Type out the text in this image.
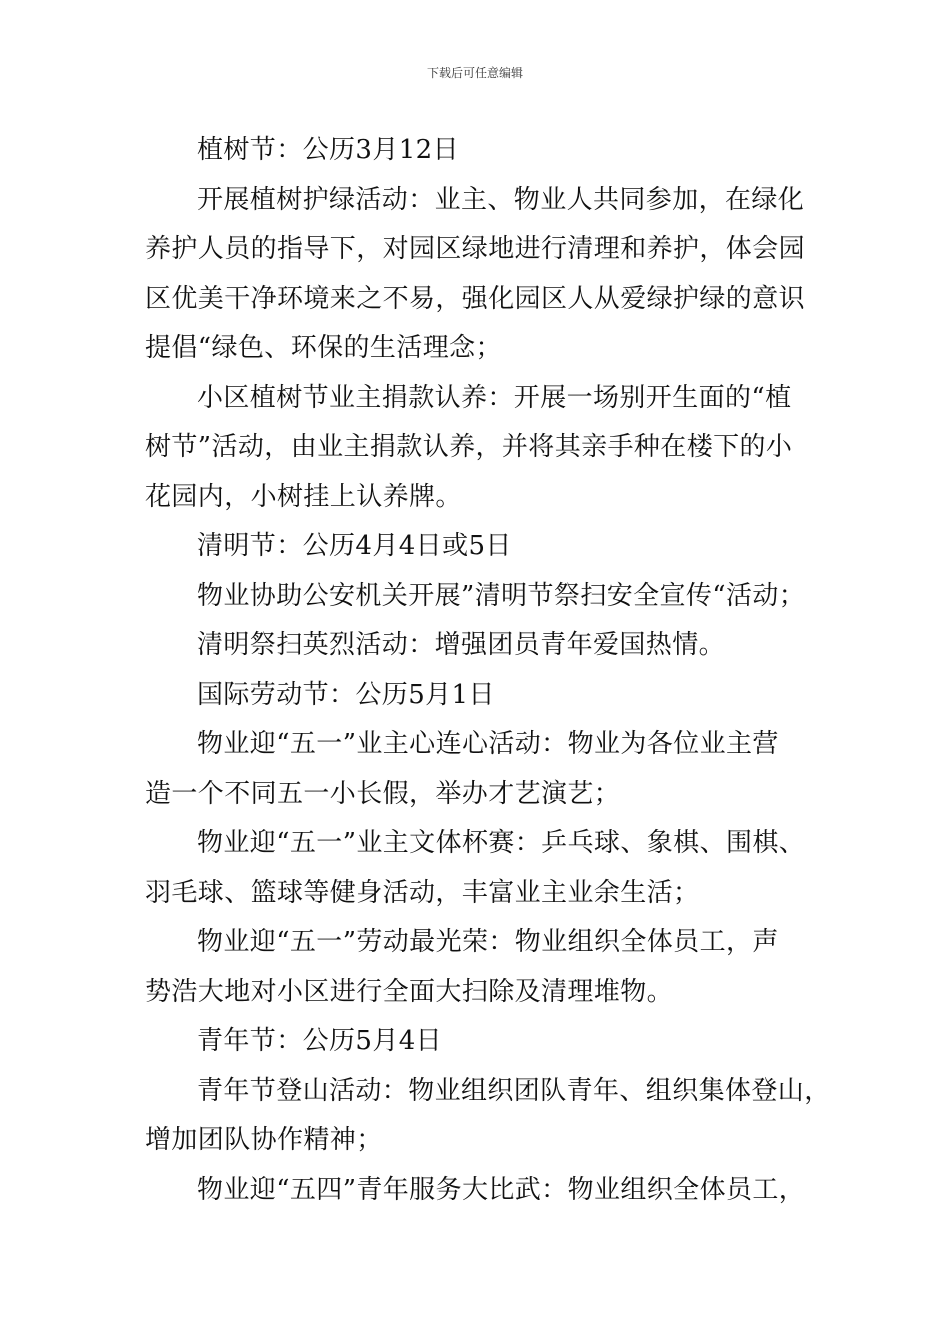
下载后可任意编辑

植树节：公历3月12日

开展植树护绿活动：业主、物业人共同参加，在绿化

养护人员的指导下，对园区绿地进行清理和养护，体会园

区优美干净环境来之不易，强化园区人从爱绿护绿的意识

提倡“绿色、环保的生活理念；

小区植树节业主捐款认养：开展一场别开生面的“植

树节”活动，由业主捐款认养，并将其亲手种在楼下的小

花园内，小树挂上认养牌。

清明节：公历4月4日或5日

物业协助公安机关开展”清明节祭扫安全宣传“活动；

清明祭扫英烈活动：增强团员青年爱国热情。

国际劳动节：公历5月1日

物业迎“五一”业主心连心活动：物业为各位业主营

造一个不同五一小长假，举办才艺演艺；

物业迎“五一”业主文体杯赛：乒乓球、象棋、围棋、

羽毛球、篮球等健身活动，丰富业主业余生活；

物业迎“五一”劳动最光荣：物业组织全体员工，声

势浩大地对小区进行全面大扫除及清理堆物。

青年节：公历5月4日

青年节登山活动：物业组织团队青年、组织集体登山，

增加团队协作精神；

物业迎“五四”青年服务大比武：物业组织全体员工，
